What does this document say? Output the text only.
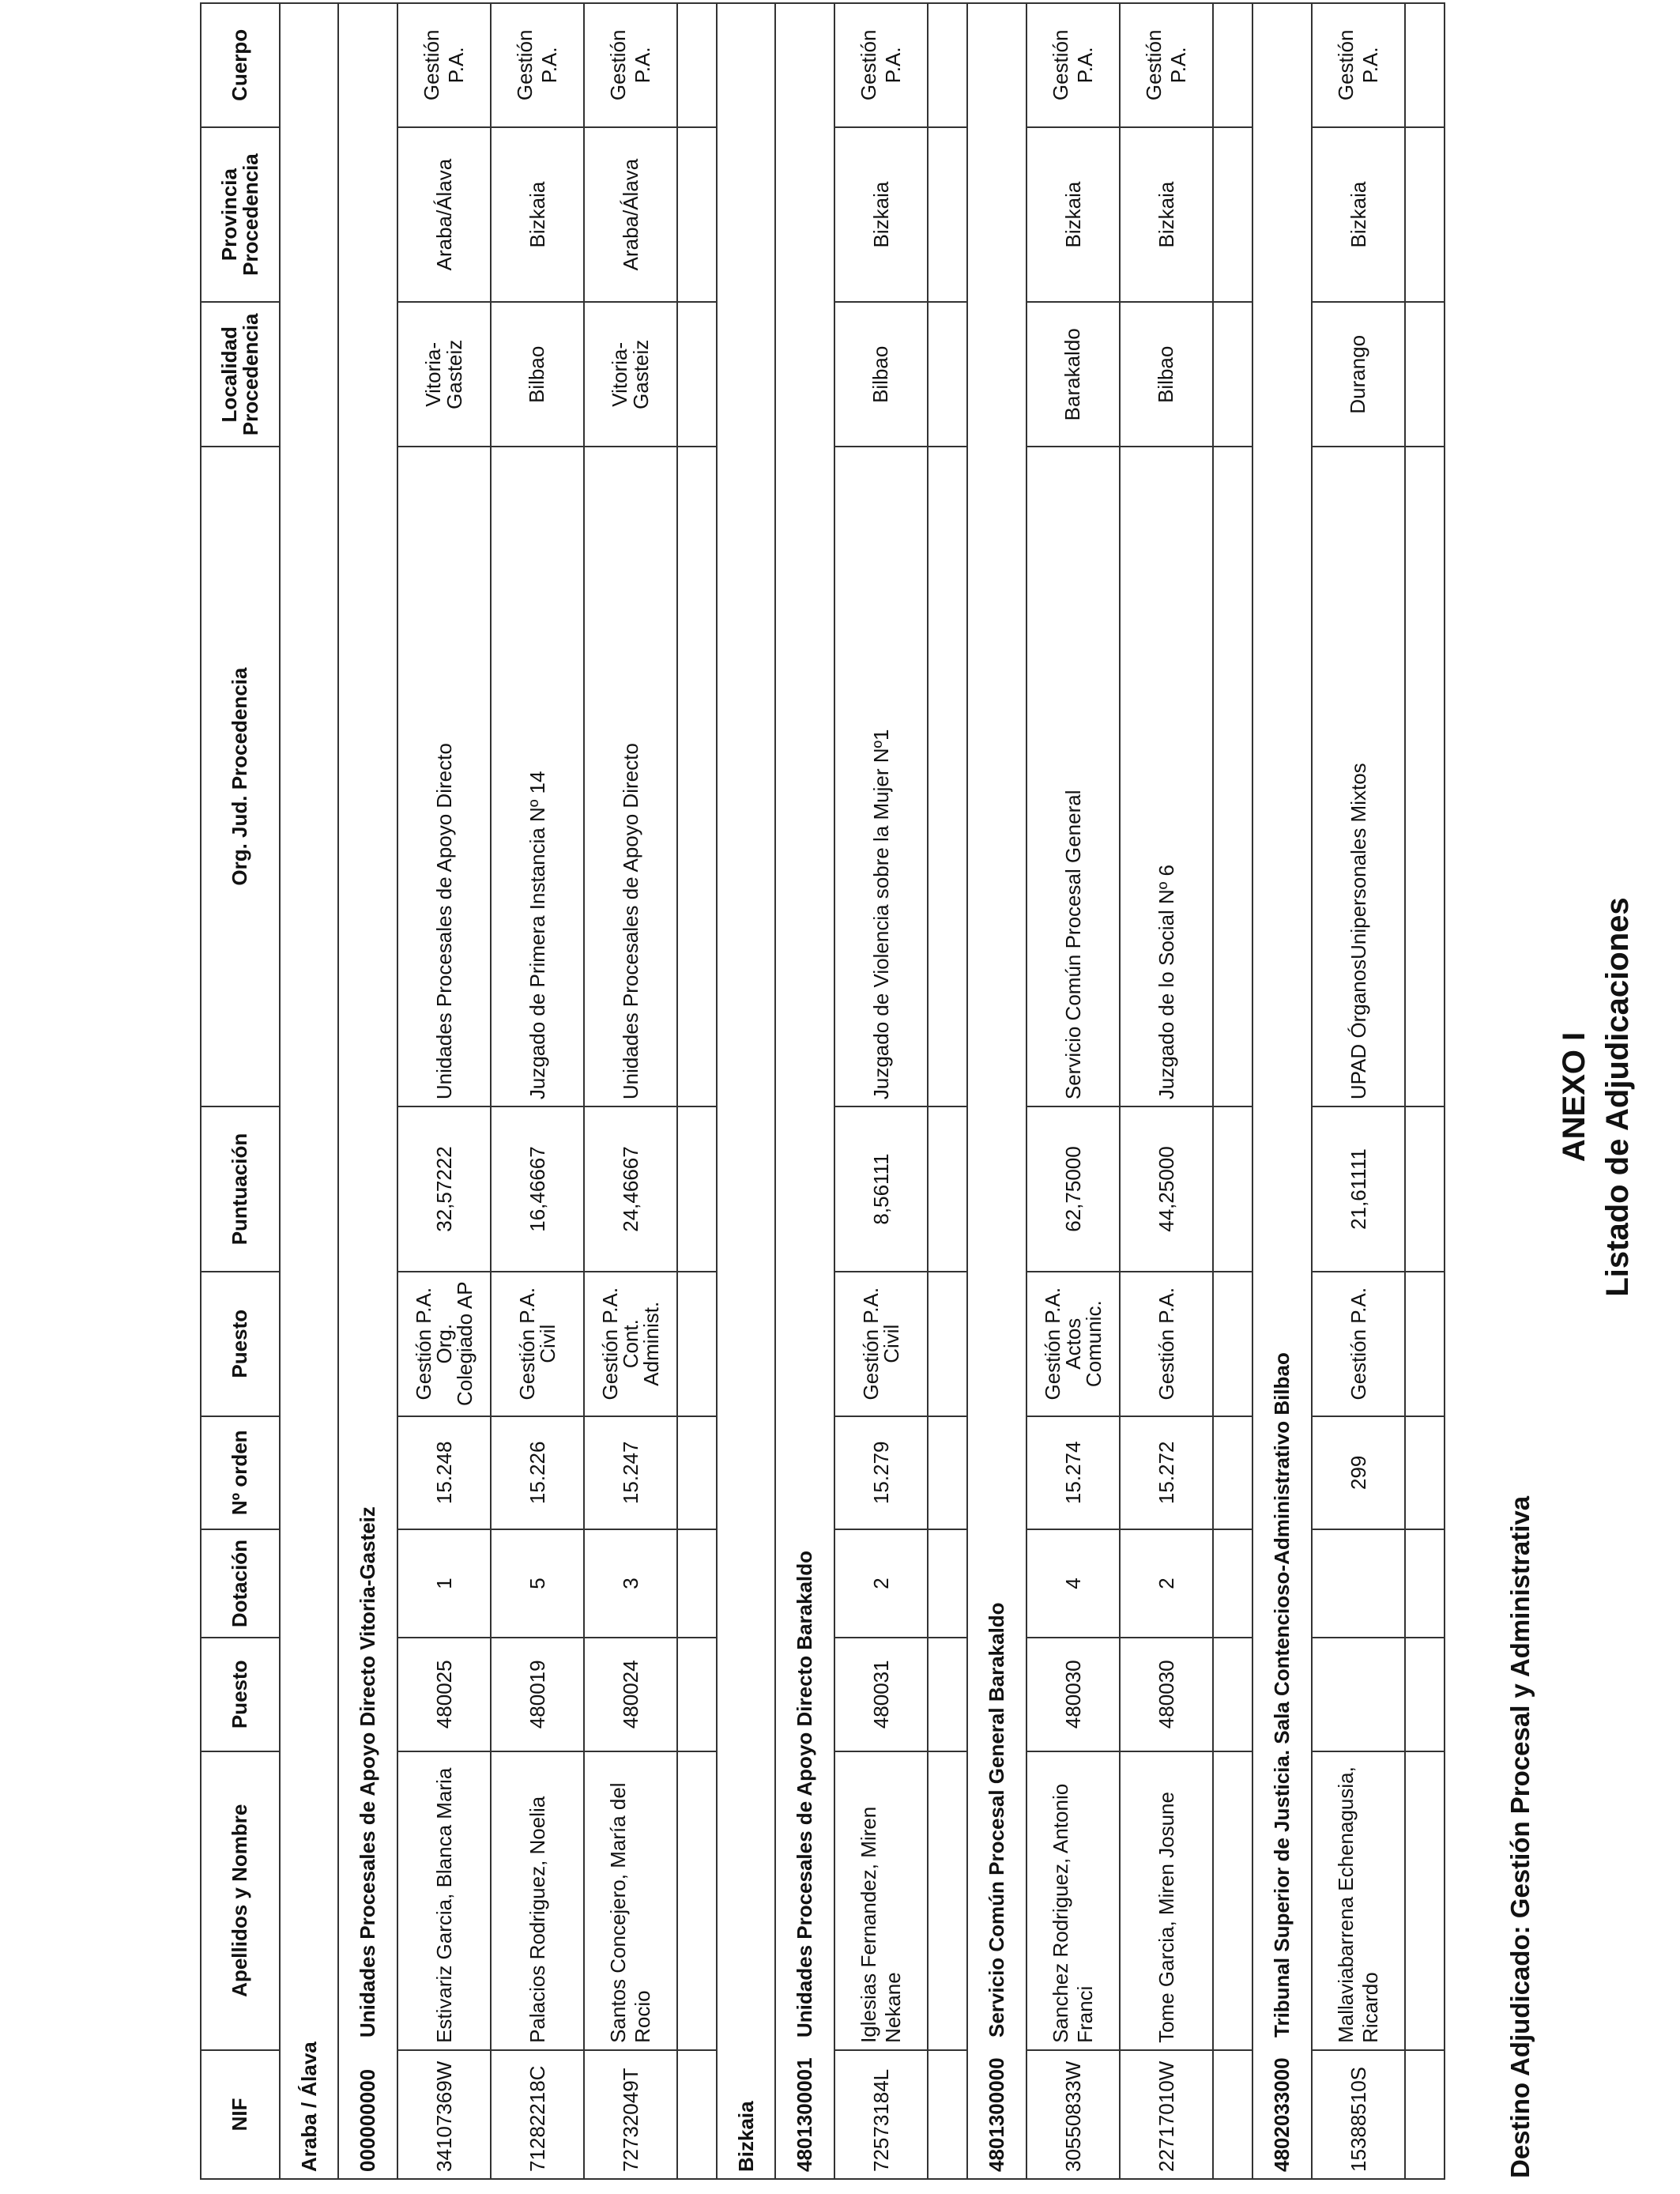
ANEXO I Listado de Adjudicaciones
Destino Adjudicado: Gestión Procesal y Administrativa
NIF	Apellidos y Nombre	Puesto	Dotación	Nº orden	Puesto	Puntuación	Org. Jud. Procedencia	Localidad Procedencia	Provincia Procedencia	Cuerpo
Araba / Álava										
000000000Unidades Procesales de Apoyo Directo Vitoria-Gasteiz										
34107369W	Estivariz Garcia, Blanca Maria	480025	1	15.248	Gestión P.A. Org. Colegiado AP	32,57222	Unidades Procesales de Apoyo Directo	Vitoria-Gasteiz	Araba/Álava	Gestión P.A.
71282218C	Palacios Rodriguez, Noelia	480019	5	15.226	Gestión P.A. Civil	16,46667	Juzgado de Primera Instancia Nº 14	Bilbao	Bizkaia	Gestión P.A.
72732049T	Santos Concejero, María del Rocio	480024	3	15.247	Gestión P.A. Cont. Administ.	24,46667	Unidades Procesales de Apoyo Directo	Vitoria-Gasteiz	Araba/Álava	Gestión P.A.

Bizkaia										
4801300001Unidades Procesales de Apoyo Directo Barakaldo										
72573184L	Iglesias Fernandez, Miren Nekane	480031	2	15.279	Gestión P.A. Civil	8,56111	Juzgado de Violencia sobre la Mujer Nº1	Bilbao	Bizkaia	Gestión P.A.

4801300000Servicio Común Procesal General Barakaldo										
30550833W	Sanchez Rodriguez, Antonio Franci	480030	4	15.274	Gestión P.A. Actos Comunic.	62,75000	Servicio Común Procesal General	Barakaldo	Bizkaia	Gestión P.A.
22717010W	Tome Garcia, Miren Josune	480030	2	15.272	Gestión P.A.	44,25000	Juzgado de lo Social Nº 6	Bilbao	Bizkaia	Gestión P.A.

4802033000Tribunal Superior de Justicia. Sala Contencioso-Administrativo Bilbao										
15388510S	Mallaviabarrena Echenagusia, Ricardo			299	Gestión P.A.	21,61111	UPAD ÓrganosUnipersonales Mixtos	Durango	Bizkaia	Gestión P.A.
